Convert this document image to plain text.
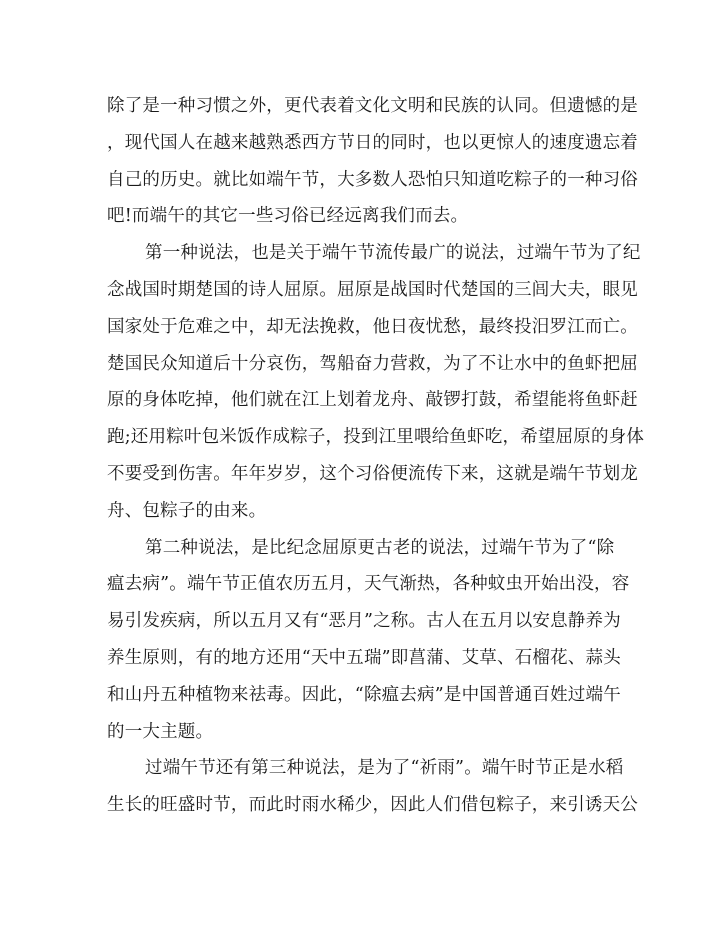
除了是一种习惯之外，更代表着文化文明和民族的认同。但遗憾的是
，现代国人在越来越熟悉西方节日的同时，也以更惊人的速度遗忘着
自己的历史。就比如端午节，大多数人恐怕只知道吃粽子的一种习俗
吧!而端午的其它一些习俗已经远离我们而去。
第一种说法，也是关于端午节流传最广的说法，过端午节为了纪
念战国时期楚国的诗人屈原。屈原是战国时代楚国的三闾大夫，眼见
国家处于危难之中，却无法挽救，他日夜忧愁，最终投汨罗江而亡。
楚国民众知道后十分哀伤，驾船奋力营救，为了不让水中的鱼虾把屈
原的身体吃掉，他们就在江上划着龙舟、敲锣打鼓，希望能将鱼虾赶
跑;还用粽叶包米饭作成粽子，投到江里喂给鱼虾吃，希望屈原的身体
不要受到伤害。年年岁岁，这个习俗便流传下来，这就是端午节划龙
舟、包粽子的由来。
第二种说法，是比纪念屈原更古老的说法，过端午节为了“除
瘟去病”。端午节正值农历五月，天气渐热，各种蚊虫开始出没，容
易引发疾病，所以五月又有“恶月”之称。古人在五月以安息静养为
养生原则，有的地方还用“天中五瑞”即菖蒲、艾草、石榴花、蒜头
和山丹五种植物来祛毒。因此，“除瘟去病”是中国普通百姓过端午
的一大主题。
过端午节还有第三种说法，是为了“祈雨”。端午时节正是水稻
生长的旺盛时节，而此时雨水稀少，因此人们借包粽子，来引诱天公
